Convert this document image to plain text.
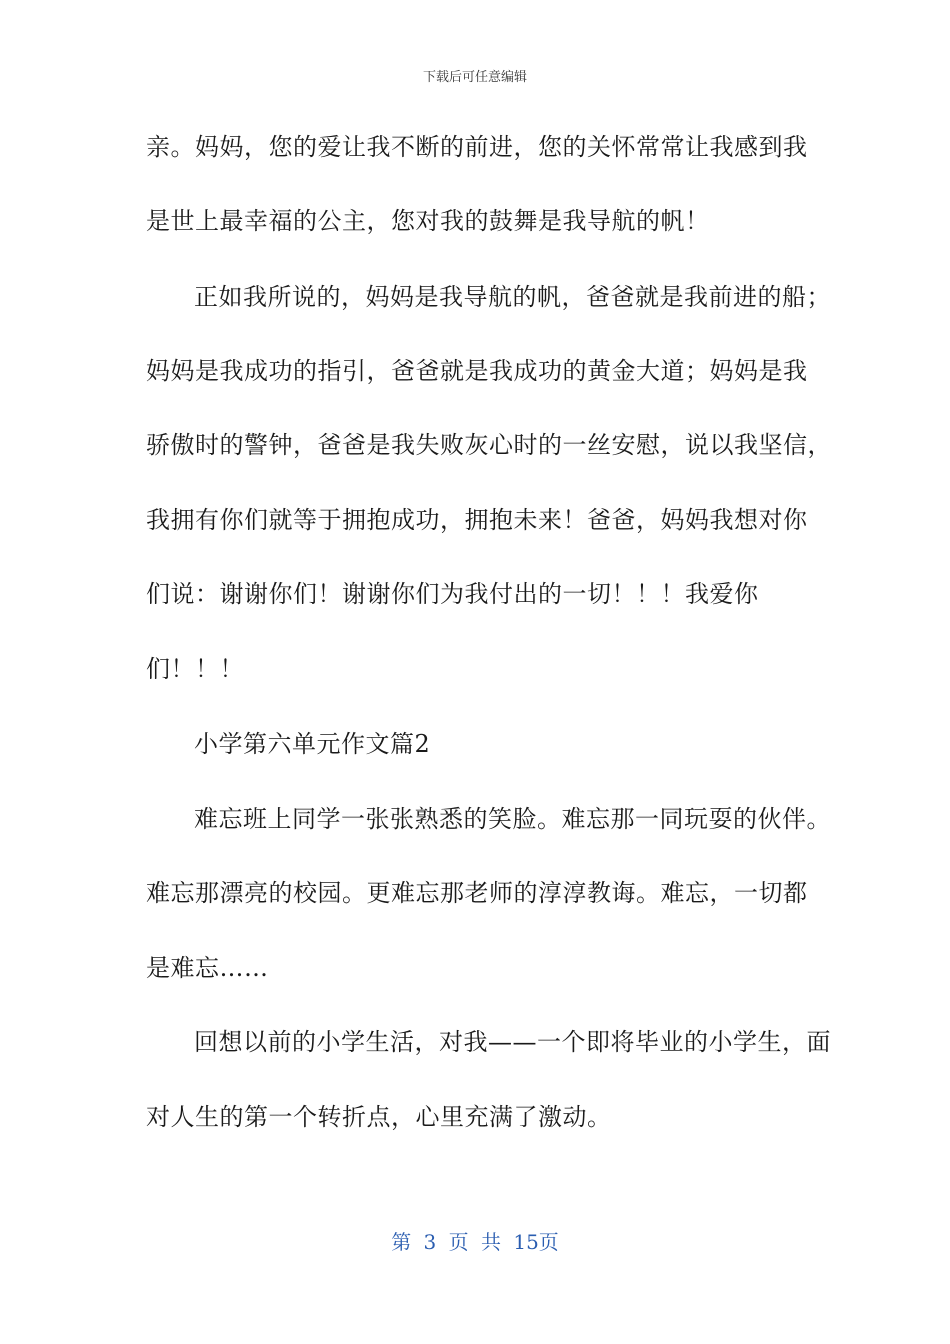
下载后可任意编辑
亲。妈妈，您的爱让我不断的前进，您的关怀常常让我感到我
是世上最幸福的公主，您对我的鼓舞是我导航的帆！
正如我所说的，妈妈是我导航的帆，爸爸就是我前进的船；
妈妈是我成功的指引，爸爸就是我成功的黄金大道；妈妈是我
骄傲时的警钟，爸爸是我失败灰心时的一丝安慰，说以我坚信，
我拥有你们就等于拥抱成功，拥抱未来！爸爸，妈妈我想对你
们说：谢谢你们！谢谢你们为我付出的一切！！！我爱你
们！！！
小学第六单元作文篇2
难忘班上同学一张张熟悉的笑脸。难忘那一同玩耍的伙伴。
难忘那漂亮的校园。更难忘那老师的淳淳教诲。难忘，一切都
是难忘……
回想以前的小学生活，对我——一个即将毕业的小学生，面
对人生的第一个转折点，心里充满了激动。
第 3 页 共 15页
